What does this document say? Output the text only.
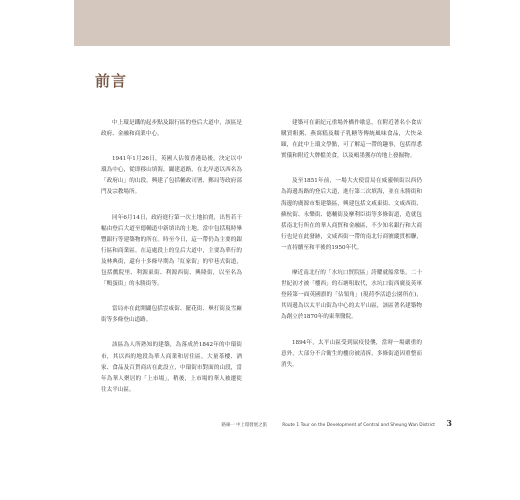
前言

中上環是鐵的起步點及銀行區的登后大道中，該區是政府、金融和商業中心。

1941年1月26日，英國人佔領香港島後，決定以中環為中心，從即移山填海，闢建道路，在北岸道以西名為「政府山」的山段，興建了包括輔政司署、郵局等政府部門及宗教場所。

同年6月14日，政府進行第一次土地拍賣，出售若干幅由登后大道至德輔道中新填出的土地。當中包括現時畢豐銀行等建築物的所在。時至今日，這一帶仍為主要的銀行區和商業區。在這處段上的皇后大道中，主要為華行的及林典街，還有十多條早期為「紅家街」的窄巷式街道，包括戲院里、利源東街、利源西街、興隆街，以至名為「鴨蛋街」的永勝街等。

當局亦在此開闢包括雲咸街、擺花街、畢打街及雪廠街等多條登山道路。

該區為人所熟知的建築，為落成於1842年的中環街市，其以西的地段為華人商業和居住區，大量茶樓、酒家、食品及百貨商店在此設立，中環街市對面的山段，當年為華人聚居的「上市場」，稍後，上市場的華人被遷徙往太平山區。

建築可在新紀元重場外橋作歇息，在附近著名小食店購買粗粥、燕窩糕及糯子乳糖等傳統風味食品，大快朵頤，在此中上環文學點，可了解這一帶的趣事，包括得悉實儀和附近大牌檔美食，以及嶋墨獲存的地上發掘物。

及至1851年前，一場大火使當局在威靈頓街以西仍為海邊馬路的登后大道，進行第二次填海，並在永勝街和海邊的廣源市集建築區，興建包括文咸東街、文咸西街、蘇杭街、永樂街、德輔街及摩利臣街等多條街道，造就包括南北行所在的華人商貿和金融區，不少知名銀行和大商行也是在此發跡，文咸西街一帶的南北行商號縱貫相聯，一直持續至和平後的1950年代。

摩近南北行的「水坑口貿院區」誇耀就船常集，二十世紀初才被「樓西」的石塘咀取代，水坑口街西廣及英軍登陸第一面英國旗的「佔領角」(現荷李活道公園所在)，其周邊為以太平山街為中心的太平山區，該區著名建築物為創立於1870年的東華醫院。

1894年，太平山區受到鼠疫侵襲，當時一場嚴重的意外，大部分不合衛生的樓房被清拆，多條街道因重整而消失。

路線一 中上環發展之旅	Route 1 Tour on the Development of Central and Sheung Wan District 3
